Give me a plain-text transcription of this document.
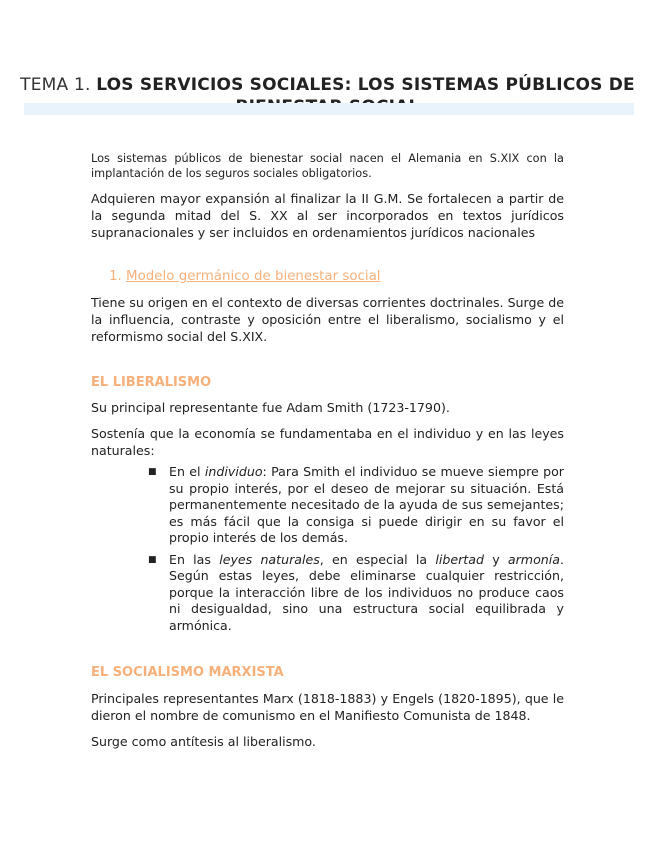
TEMA 1. LOS SERVICIOS SOCIALES: LOS SISTEMAS PÚBLICOS DE

Los sistemas públicos de bienestar social nacen el Alemania en S.XIX con la implantación de los seguros sociales obligatorios.

Adquieren mayor expansión al finalizar la II G.M. Se fortalecen a partir de la segunda mitad del S. XX al ser incorporados en textos jurídicos supranacionales y ser incluidos en ordenamientos jurídicos nacionales

1. Modelo germánico de bienestar social

Tiene su origen en el contexto de diversas corrientes doctrinales. Surge de la influencia, contraste y oposición entre el liberalismo, socialismo y el reformismo social del S.XIX.

EL LIBERALISMO

Su principal representante fue Adam Smith (1723-1790).

Sostenía que la economía se fundamentaba en el individuo y en las leyes naturales:

■ En el individuo: Para Smith el individuo se mueve siempre por su propio interés, por el deseo de mejorar su situación. Está permanentemente necesitado de la ayuda de sus semejantes; es más fácil que la consiga si puede dirigir en su favor el propio interés de los demás.
■ En las leyes naturales, en especial la libertad y armonía. Según estas leyes, debe eliminarse cualquier restricción, porque la interacción libre de los individuos no produce caos ni desigualdad, sino una estructura social equilibrada y armónica.
EL SOCIALISMO MARXISTA

Principales representantes Marx (1818-1883) y Engels (1820-1895), que le dieron el nombre de comunismo en el Manifiesto Comunista de 1848.

Surge como antítesis al liberalismo.
